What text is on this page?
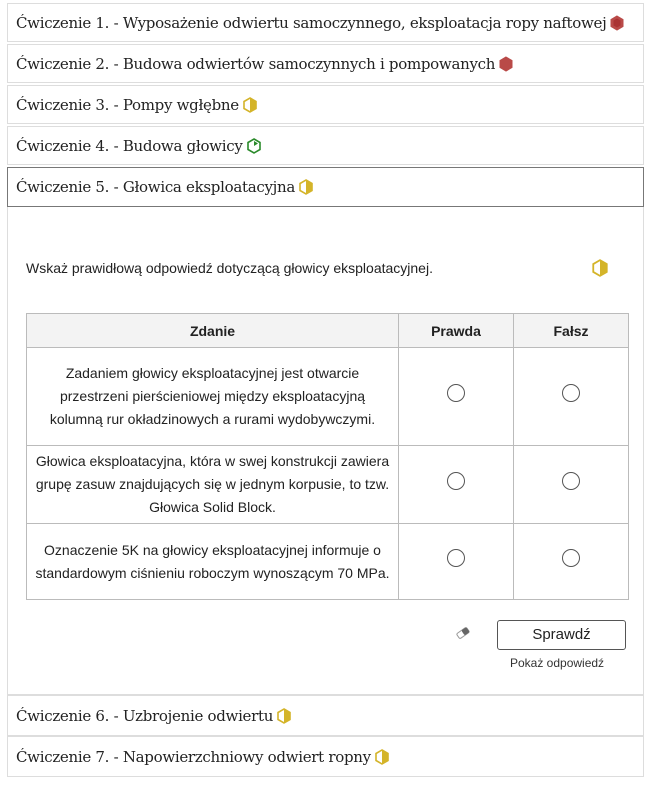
Ćwiczenie 1. - Wyposażenie odwiertu samoczynnego, eksploatacja ropy naftowej
Ćwiczenie 2. - Budowa odwiertów samoczynnych i pompowanych
Ćwiczenie 3. - Pompy wgłębne
Ćwiczenie 4. - Budowa głowicy
Ćwiczenie 5. - Głowica eksploatacyjna
Wskaż prawidłową odpowiedź dotyczącą głowicy eksploatacyjnej.
Zdanie	Prawda	Fałsz
Zadaniem głowicy eksploatacyjnej jest otwarcie przestrzeni pierścieniowej między eksploatacyjną kolumną rur okładzinowych a rurami wydobywczymi.		
Głowica eksploatacyjna, która w swej konstrukcji zawiera grupę zasuw znajdujących się w jednym korpusie, to tzw. Głowica Solid Block.		
Oznaczenie 5K na głowicy eksploatacyjnej informuje o standardowym ciśnieniu roboczym wynoszącym 70 MPa.		
Sprawdź
Pokaż odpowiedź
Ćwiczenie 6. - Uzbrojenie odwiertu
Ćwiczenie 7. - Napowierzchniowy odwiert ropny
